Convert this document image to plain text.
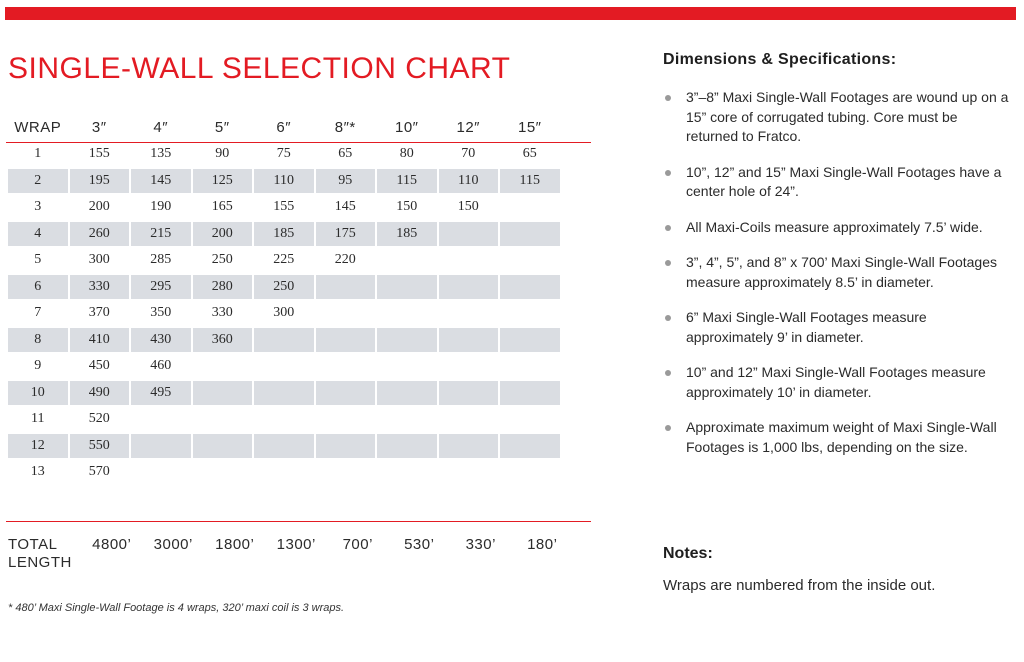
SINGLE-WALL SELECTION CHART
WRAP	3″	4″	5″	6″	8″*	10″	12″	15″
1	155	135	90	75	65	80	70	65
2	195	145	125	110	95	115	110	115
3	200	190	165	155	145	150	150	
4	260	215	200	185	175	185		
5	300	285	250	225	220			
6	330	295	280	250				
7	370	350	330	300				
8	410	430	360					
9	450	460						
10	490	495						
11	520							
12	550							
13	570							
TOTAL
LENGTH
4800’	3000’	1800’	1300’	700’	530’	330’	180’
* 480’ Maxi Single-Wall Footage is 4 wraps, 320’ maxi coil is 3 wraps.
Dimensions & Specifications:
3”–8” Maxi Single-Wall Footages are wound up on a 15” core of corrugated tubing. Core must be returned to Fratco.
10”, 12” and 15” Maxi Single-Wall Footages have a center hole of 24”.
All Maxi-Coils measure approximately 7.5’ wide.
3”, 4”, 5”, and 8” x 700’ Maxi Single-Wall Footages measure approximately 8.5’ in diameter.
6” Maxi Single-Wall Footages measure approximately 9’ in diameter.
10” and 12” Maxi Single-Wall Footages measure approximately 10’ in diameter.
Approximate maximum weight of Maxi Single-Wall Footages is 1,000 lbs, depending on the size.
Notes:
Wraps are numbered from the inside out.
